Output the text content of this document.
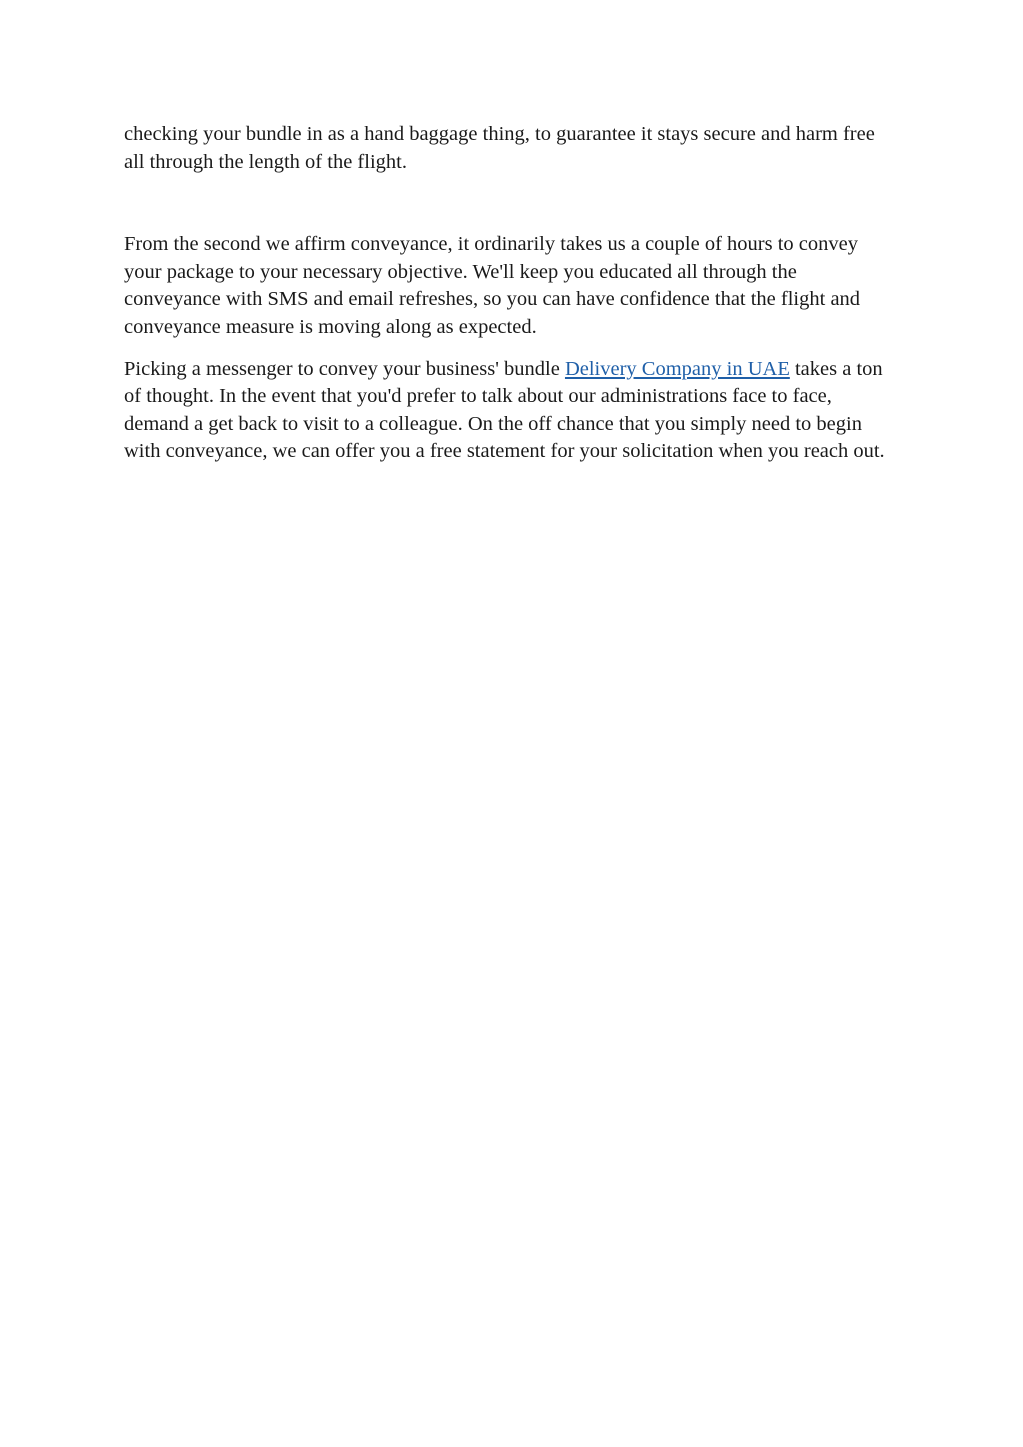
checking your bundle in as a hand baggage thing, to guarantee it stays secure and harm free all through the length of the flight.

From the second we affirm conveyance, it ordinarily takes us a couple of hours to convey your package to your necessary objective. We'll keep you educated all through the conveyance with SMS and email refreshes, so you can have confidence that the flight and conveyance measure is moving along as expected.

Picking a messenger to convey your business' bundle Delivery Company in UAE takes a ton of thought. In the event that you'd prefer to talk about our administrations face to face, demand a get back to visit to a colleague. On the off chance that you simply need to begin with conveyance, we can offer you a free statement for your solicitation when you reach out.
